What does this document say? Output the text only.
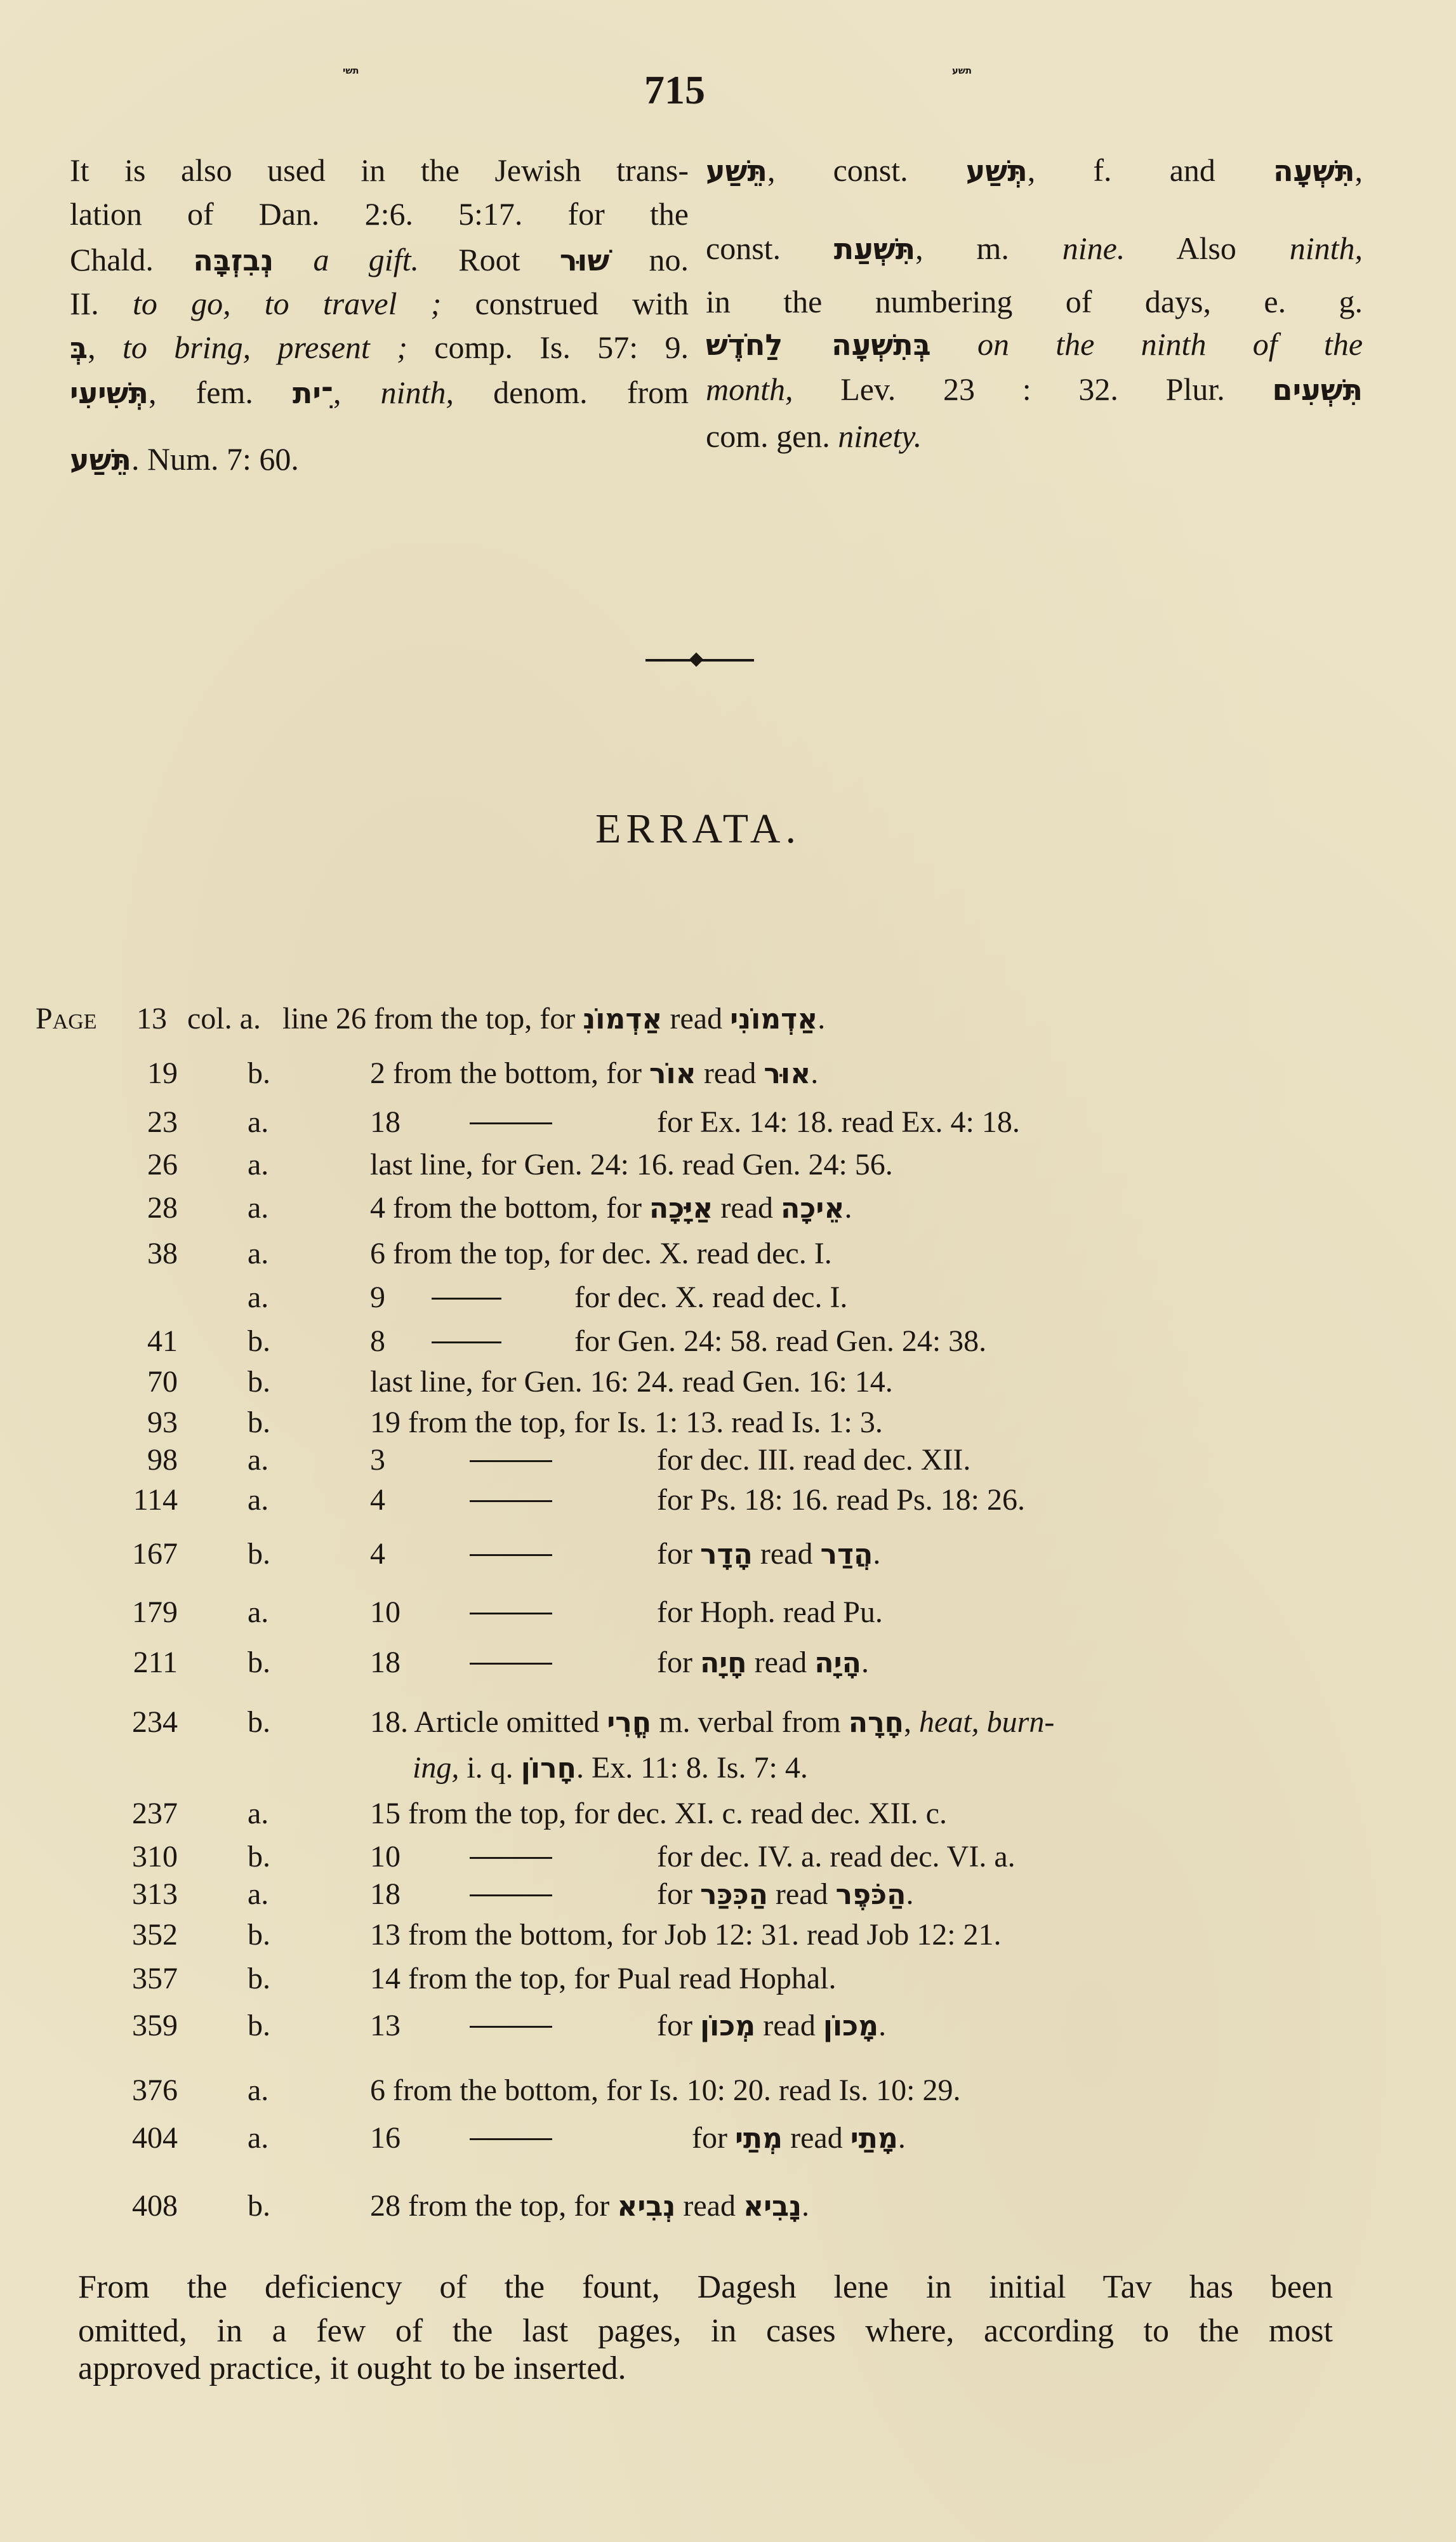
תשי	715	תשע
It is also used in the Jewish trans-
lation of Dan. 2:6. 5:17. for the
Chald. נְבִזְבָּה a gift. Root שׁוּר no.
II. to go, to travel ; construed with
בְּ, to bring, present ; comp. Is. 57: 9.
תְּשִׁיעִי, fem. ־ִית, ninth, denom. from
תֵּשַׁע. Num. 7: 60.
תֵּשַׁע, const. תְּשַׁע, f. and תִּשְׁעָה,
const. תִּשְׁעַת, m. nine. Also ninth,
in the numbering of days, e. g.
בְּתִשְׁעָה לַחֹדֶשׁ on the ninth of the
month, Lev. 23 : 32. Plur. תִּשְׁעִים
com. gen. ninety.
ERRATA.
Page 13 col. a. line 26 from the top, for אַדְמוֹנִ read אַדְמוֹנִי.
19 b.	2 from the bottom, for אוֹר read אוּר.
23 a.	18	for Ex. 14: 18. read Ex. 4: 18.
26 a.	last line, for Gen. 24: 16. read Gen. 24: 56.
28 a.	4 from the bottom, for אַיָּכָה read אֵיכָה.
38 a.	6 from the top, for dec. X. read dec. I.
a.	9	for dec. X. read dec. I.
41 b.	8	for Gen. 24: 58. read Gen. 24: 38.
70 b.	last line, for Gen. 16: 24. read Gen. 16: 14.
93 b.	19 from the top, for Is. 1: 13. read Is. 1: 3.
98 a.	3	for dec. III. read dec. XII.
114 a.	4	for Ps. 18: 16. read Ps. 18: 26.
167 b.	4	for הָדָר read הֲדַר.
179 a.	10	for Hoph. read Pu.
211 b.	18	for חָיָה read הָיָה.
234 b.	18. Article omitted חֳרִי m. verbal from חָרָה, heat, burn-
ing, i. q. חָרוֹן. Ex. 11: 8. Is. 7: 4.
237 a.	15 from the top, for dec. XI. c. read dec. XII. c.
310 b.	10	for dec. IV. a. read dec. VI. a.
313 a.	18	for הַכִּכַּר read הַכֹּפֶר.
352 b.	13 from the bottom, for Job 12: 31. read Job 12: 21.
357 b.	14 from the top, for Pual read Hophal.
359 b.	13	for מְכוֹן read מָכוֹן.
376 a.	6 from the bottom, for Is. 10: 20. read Is. 10: 29.
404 a.	16	for מְתַי read מָתַי.
408 b.	28 from the top, for נְבִיא read נָבִיא.
From the deficiency of the fount, Dagesh lene in initial Tav has been
omitted, in a few of the last pages, in cases where, according to the most
approved practice, it ought to be inserted.
